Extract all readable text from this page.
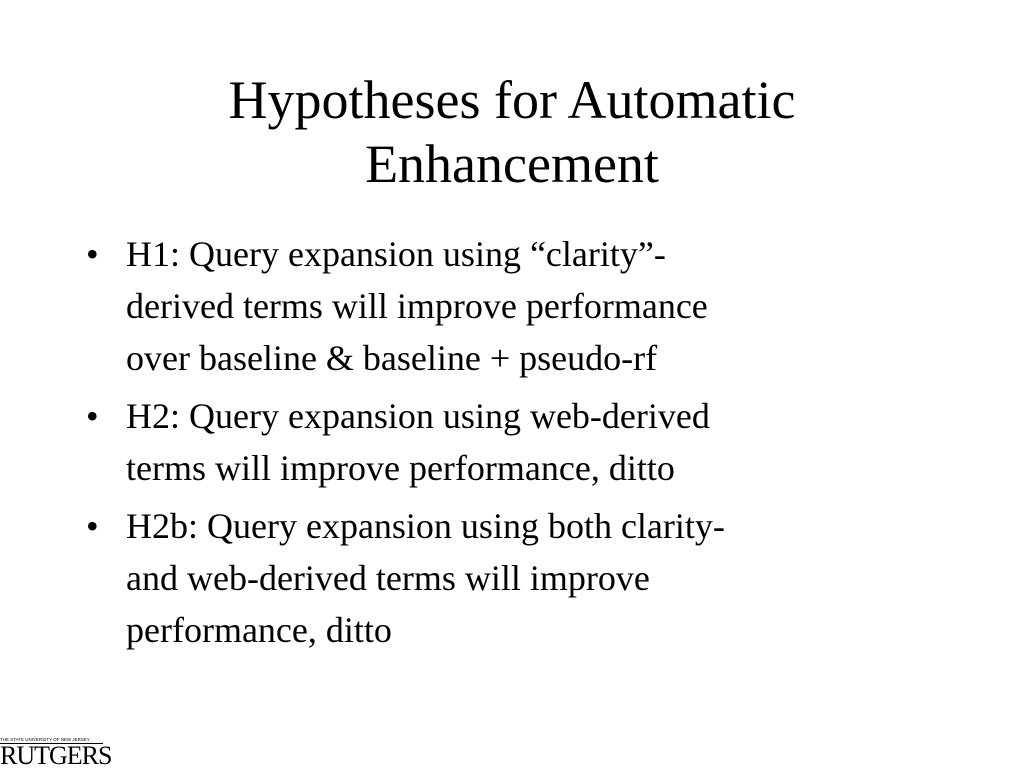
Hypotheses for Automatic
Enhancement
• H1: Query expansion using “clarity”-
derived terms will improve performance
over baseline & baseline + pseudo-rf
• H2: Query expansion using web-derived
terms will improve performance, ditto
• H2b: Query expansion using both clarity-
and web-derived terms will improve
performance, ditto
THE STATE UNIVERSITY OF NEW JERSEY
RUTGERS
